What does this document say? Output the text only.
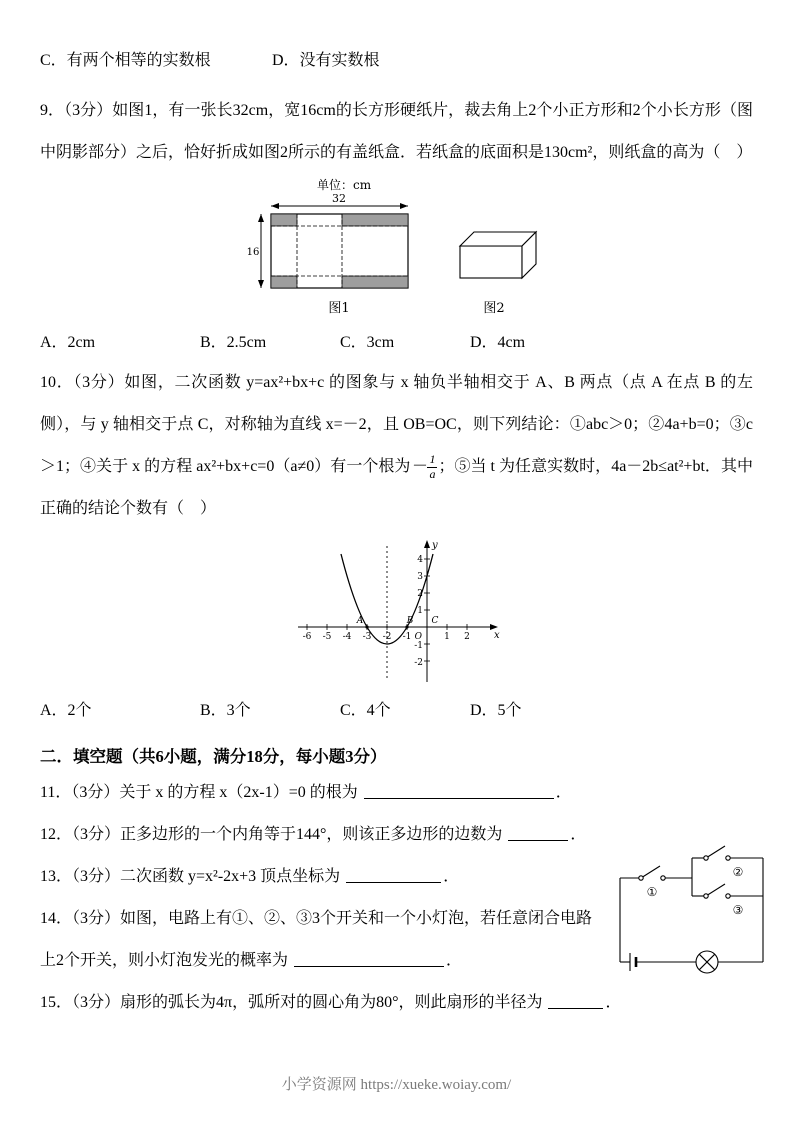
C．有两个相等的实数根	D．没有实数根

9．（3分）如图1，有一张长32cm，宽16cm的长方形硬纸片，裁去角上2个小正方形和2个小长方形（图中阴影部分）之后，恰好折成如图2所示的有盖纸盒．若纸盒的底面积是130cm²，则纸盒的高为（　）

单位：cm
32
16
图1	图2
A．2cm	B．2.5cm	C．3cm	D．4cm

10．（3分）如图，二次函数 y=ax²+bx+c 的图象与 x 轴负半轴相交于 A、B 两点（点 A 在点 B 的左侧），与 y 轴相交于点 C，对称轴为直线 x=－2，且 OB=OC，则下列结论：①abc＞0；②4a+b=0；③c＞1；④关于 x 的方程 ax²+bx+c=0（a≠0）有一个根为 － $\frac{1}{a}$ ；⑤当 t 为任意实数时，4a－2b≤at²+bt．其中正确的结论个数有（　）

x
y
-6 -5 -4 -3 -2 -1	1 2
4
3
2
1
-1
-2
O
A	B C
A．2个	B．3个	C．4个	D．5个
二．填空题（共6小题，满分18分，每小题3分）

11．（3分）关于 x 的方程 x（2x-1）=0 的根为	．

12．（3分）正多边形的一个内角等于144°，则该正多边形的边数为	．

13．（3分）二次函数 y=x²-2x+3 顶点坐标为	．

14．（3分）如图，电路上有①、②、③3个开关和一个小灯泡，若任意闭合电路上2个开关，则小灯泡发光的概率为	．

15．（3分）扇形的弧长为4π，弧所对的圆心角为80°，则此扇形的半径为	．

①
②
③
小学资源网 https://xueke.woiay.com/
